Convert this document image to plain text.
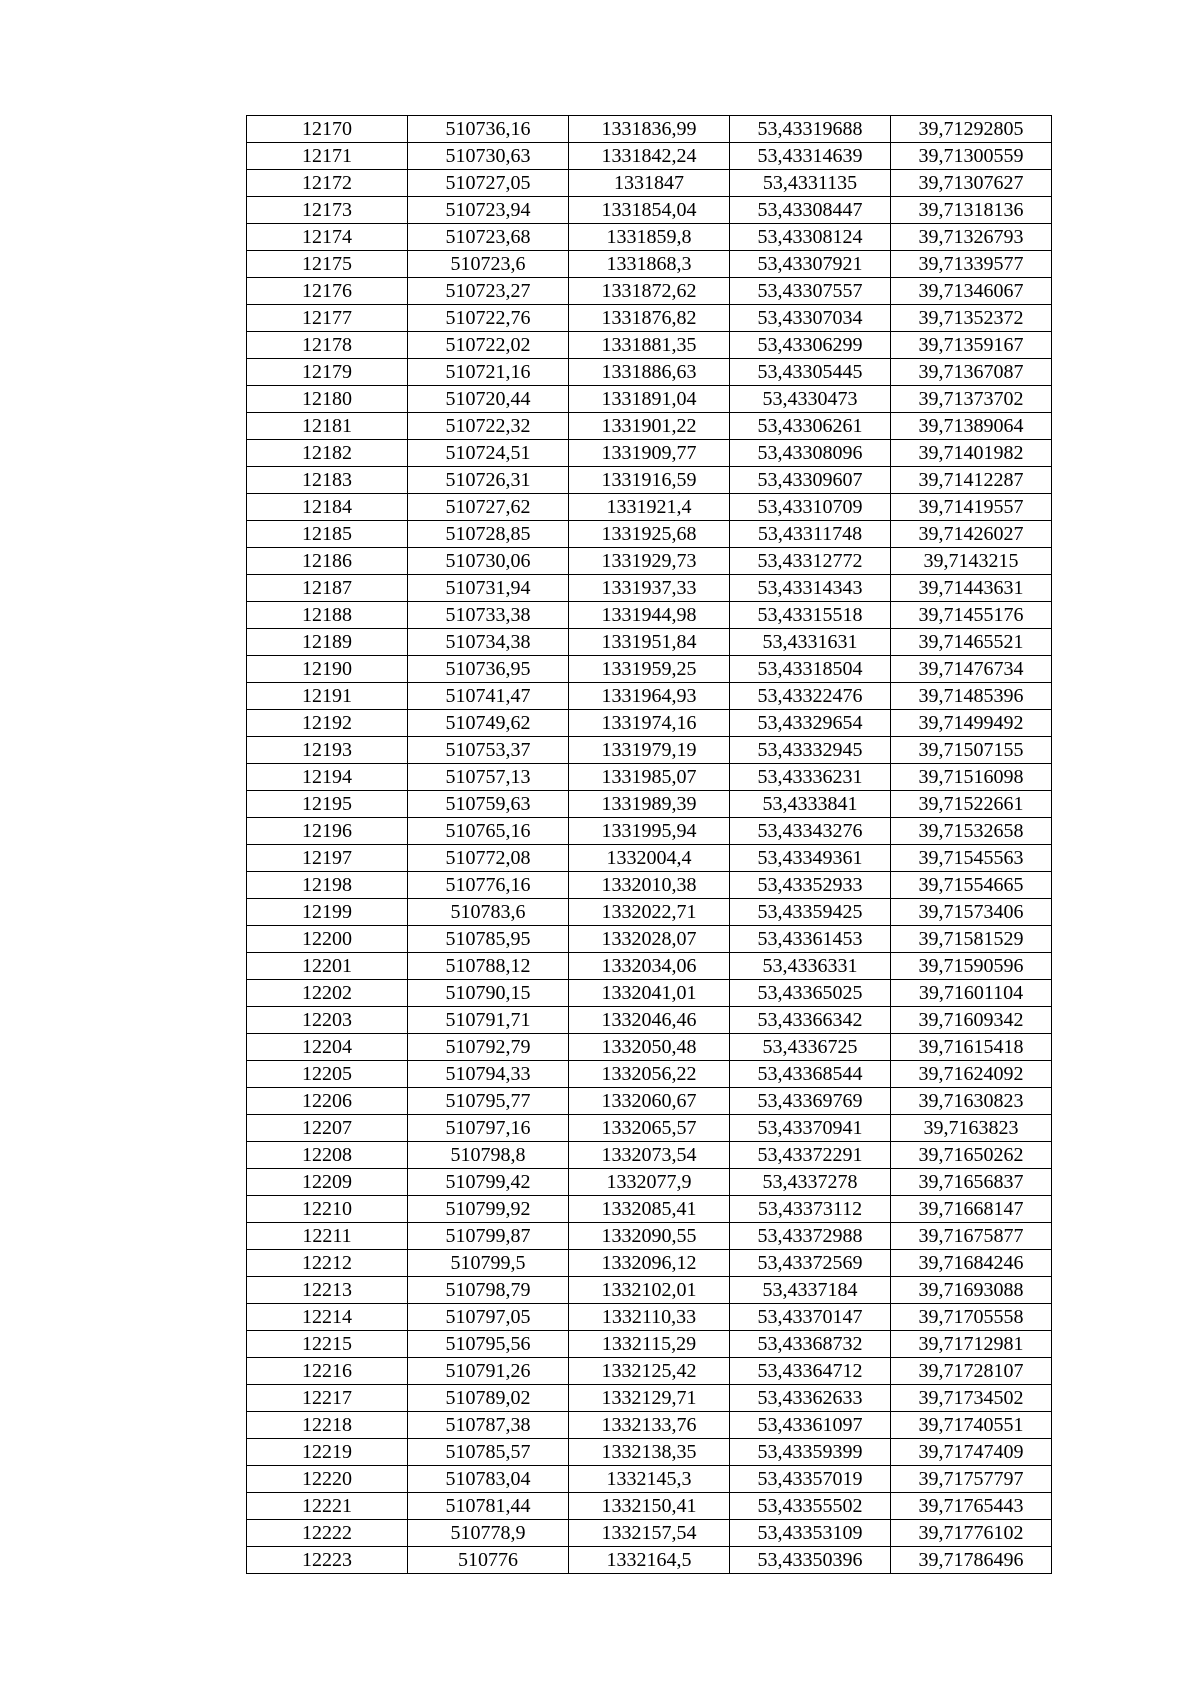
12170	510736,16	1331836,99	53,43319688	39,71292805
12171	510730,63	1331842,24	53,43314639	39,71300559
12172	510727,05	1331847	53,4331135	39,71307627
12173	510723,94	1331854,04	53,43308447	39,71318136
12174	510723,68	1331859,8	53,43308124	39,71326793
12175	510723,6	1331868,3	53,43307921	39,71339577
12176	510723,27	1331872,62	53,43307557	39,71346067
12177	510722,76	1331876,82	53,43307034	39,71352372
12178	510722,02	1331881,35	53,43306299	39,71359167
12179	510721,16	1331886,63	53,43305445	39,71367087
12180	510720,44	1331891,04	53,4330473	39,71373702
12181	510722,32	1331901,22	53,43306261	39,71389064
12182	510724,51	1331909,77	53,43308096	39,71401982
12183	510726,31	1331916,59	53,43309607	39,71412287
12184	510727,62	1331921,4	53,43310709	39,71419557
12185	510728,85	1331925,68	53,43311748	39,71426027
12186	510730,06	1331929,73	53,43312772	39,7143215
12187	510731,94	1331937,33	53,43314343	39,71443631
12188	510733,38	1331944,98	53,43315518	39,71455176
12189	510734,38	1331951,84	53,4331631	39,71465521
12190	510736,95	1331959,25	53,43318504	39,71476734
12191	510741,47	1331964,93	53,43322476	39,71485396
12192	510749,62	1331974,16	53,43329654	39,71499492
12193	510753,37	1331979,19	53,43332945	39,71507155
12194	510757,13	1331985,07	53,43336231	39,71516098
12195	510759,63	1331989,39	53,4333841	39,71522661
12196	510765,16	1331995,94	53,43343276	39,71532658
12197	510772,08	1332004,4	53,43349361	39,71545563
12198	510776,16	1332010,38	53,43352933	39,71554665
12199	510783,6	1332022,71	53,43359425	39,71573406
12200	510785,95	1332028,07	53,43361453	39,71581529
12201	510788,12	1332034,06	53,4336331	39,71590596
12202	510790,15	1332041,01	53,43365025	39,71601104
12203	510791,71	1332046,46	53,43366342	39,71609342
12204	510792,79	1332050,48	53,4336725	39,71615418
12205	510794,33	1332056,22	53,43368544	39,71624092
12206	510795,77	1332060,67	53,43369769	39,71630823
12207	510797,16	1332065,57	53,43370941	39,7163823
12208	510798,8	1332073,54	53,43372291	39,71650262
12209	510799,42	1332077,9	53,4337278	39,71656837
12210	510799,92	1332085,41	53,43373112	39,71668147
12211	510799,87	1332090,55	53,43372988	39,71675877
12212	510799,5	1332096,12	53,43372569	39,71684246
12213	510798,79	1332102,01	53,4337184	39,71693088
12214	510797,05	1332110,33	53,43370147	39,71705558
12215	510795,56	1332115,29	53,43368732	39,71712981
12216	510791,26	1332125,42	53,43364712	39,71728107
12217	510789,02	1332129,71	53,43362633	39,71734502
12218	510787,38	1332133,76	53,43361097	39,71740551
12219	510785,57	1332138,35	53,43359399	39,71747409
12220	510783,04	1332145,3	53,43357019	39,71757797
12221	510781,44	1332150,41	53,43355502	39,71765443
12222	510778,9	1332157,54	53,43353109	39,71776102
12223	510776	1332164,5	53,43350396	39,71786496
